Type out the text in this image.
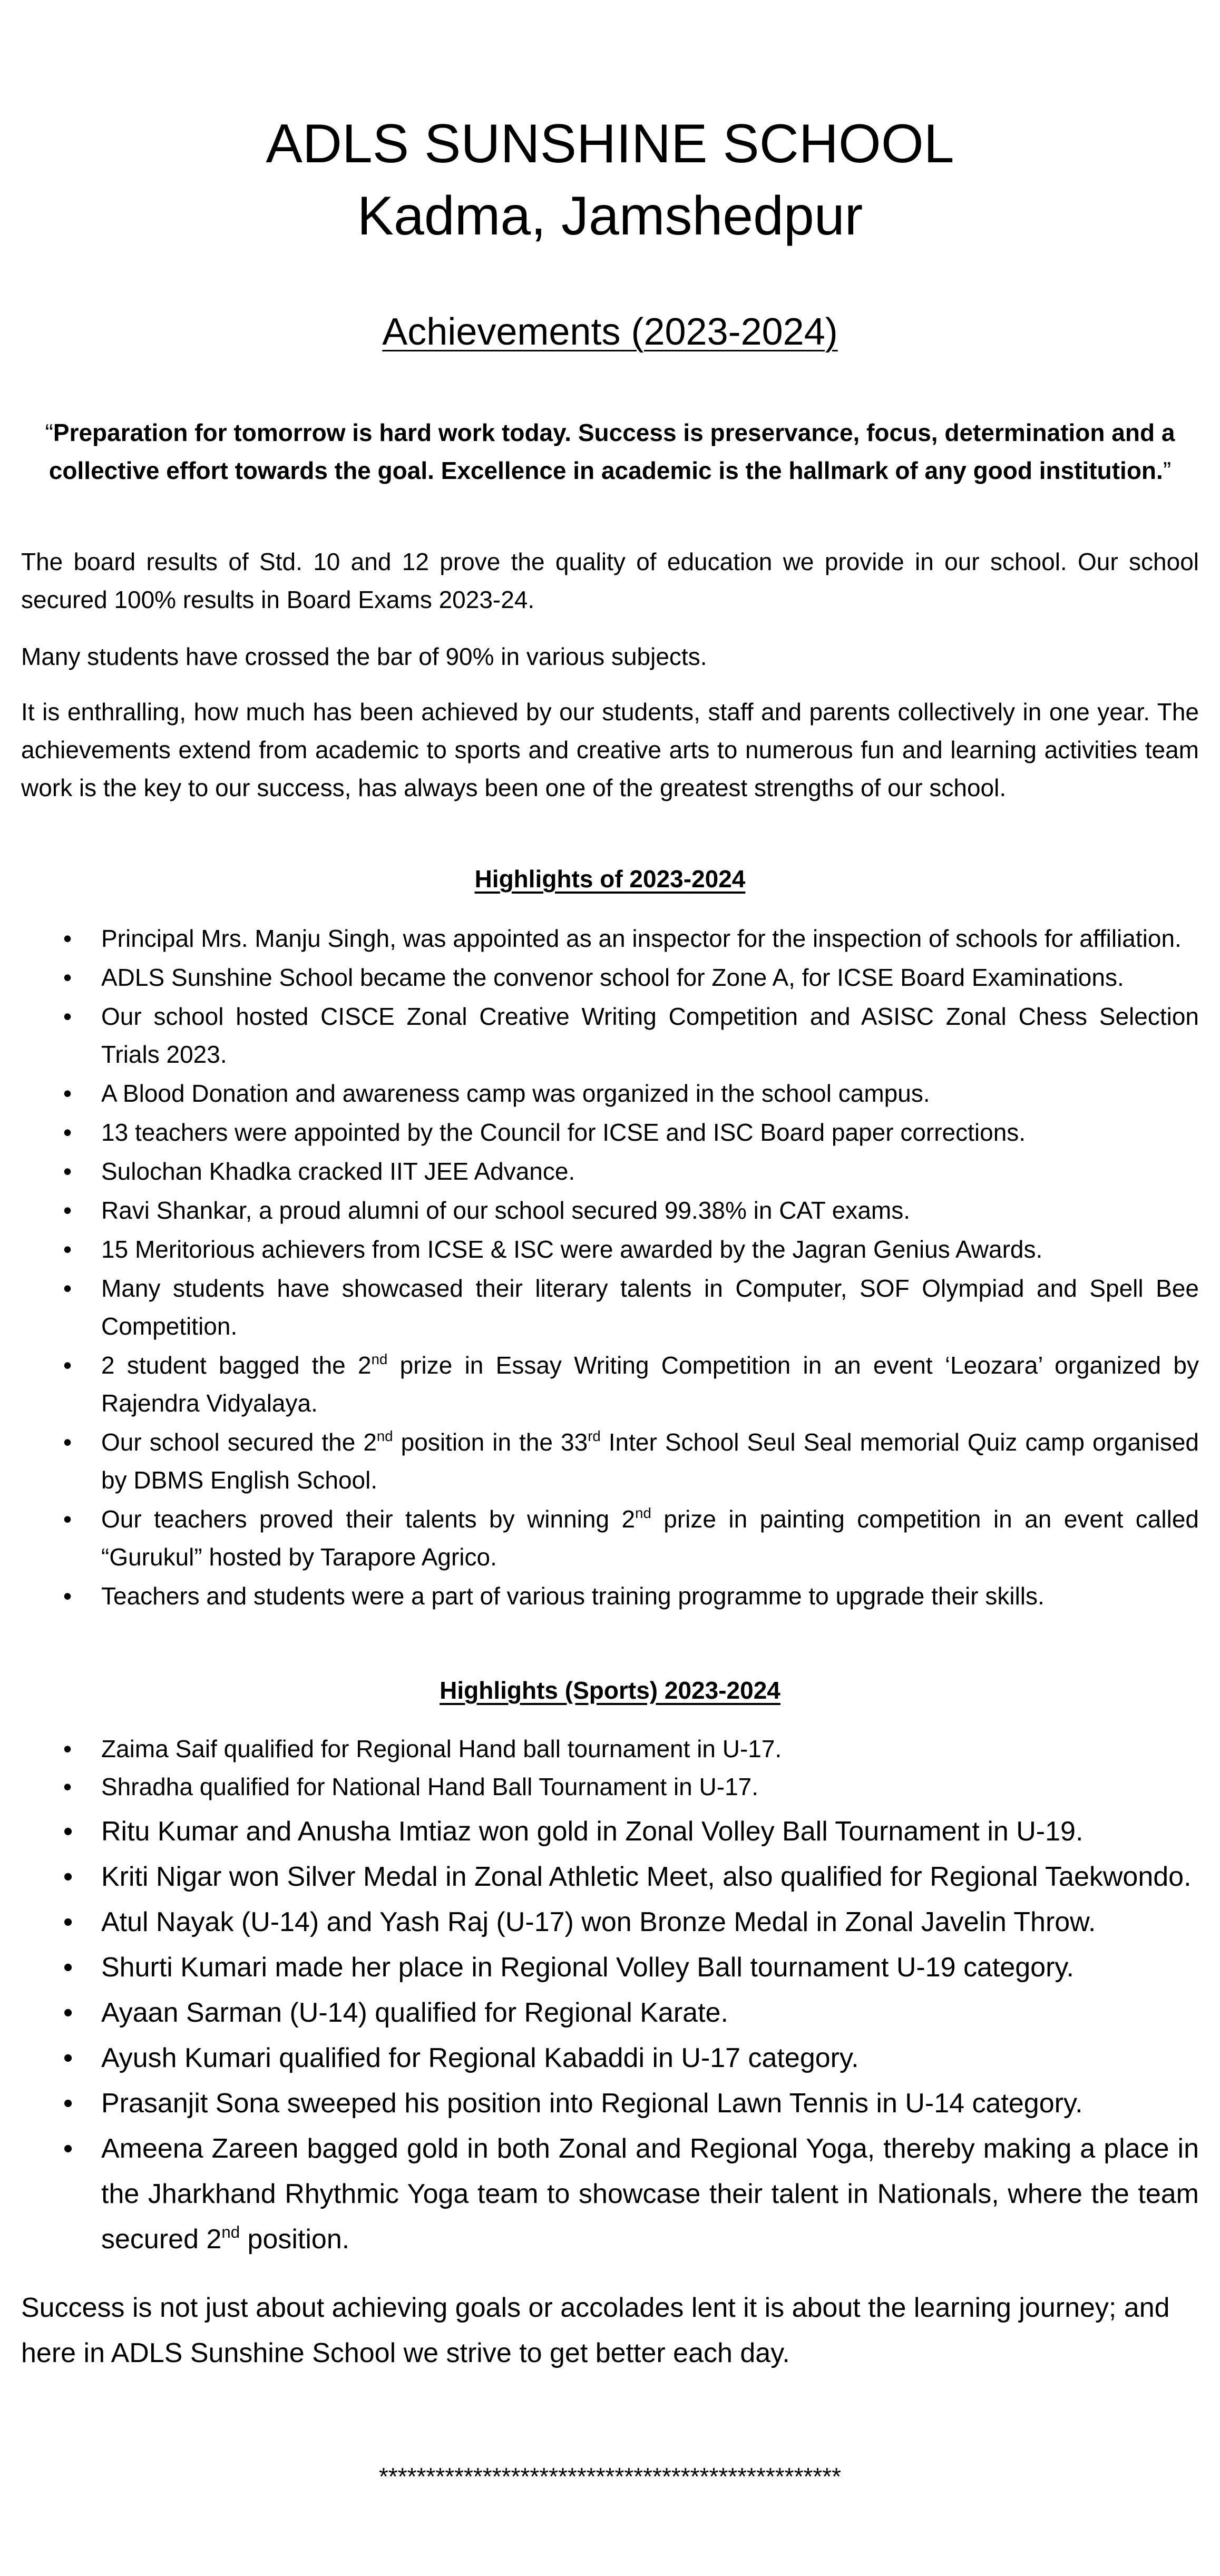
ADLS SUNSHINE SCHOOL
Kadma, Jamshedpur
Achievements (2023-2024)

“Preparation for tomorrow is hard work today. Success is preservance, focus, determination and a collective effort towards the goal. Excellence in academic is the hallmark of any good institution.”

The board results of Std. 10 and 12 prove the quality of education we provide in our school. Our school secured 100% results in Board Exams 2023-24.

Many students have crossed the bar of 90% in various subjects.

It is enthralling, how much has been achieved by our students, staff and parents collectively in one year. The achievements extend from academic to sports and creative arts to numerous fun and learning activities team work is the key to our success, has always been one of the greatest strengths of our school.

Highlights of 2023-2024
• Principal Mrs. Manju Singh, was appointed as an inspector for the inspection of schools for affiliation.
• ADLS Sunshine School became the convenor school for Zone A, for ICSE Board Examinations.
• Our school hosted CISCE Zonal Creative Writing Competition and ASISC Zonal Chess Selection Trials 2023.
• A Blood Donation and awareness camp was organized in the school campus.
• 13 teachers were appointed by the Council for ICSE and ISC Board paper corrections.
• Sulochan Khadka cracked IIT JEE Advance.
• Ravi Shankar, a proud alumni of our school secured 99.38% in CAT exams.
• 15 Meritorious achievers from ICSE & ISC were awarded by the Jagran Genius Awards.
• Many students have showcased their literary talents in Computer, SOF Olympiad and Spell Bee Competition.
• 2 student bagged the 2nd prize in Essay Writing Competition in an event ‘Leozara’ organized by Rajendra Vidyalaya.
• Our school secured the 2nd position in the 33rd Inter School Seul Seal memorial Quiz camp organised by DBMS English School.
• Our teachers proved their talents by winning 2nd prize in painting competition in an event called “Gurukul” hosted by Tarapore Agrico.
• Teachers and students were a part of various training programme to upgrade their skills.
Highlights (Sports) 2023-2024
• Zaima Saif qualified for Regional Hand ball tournament in U-17.
• Shradha qualified for National Hand Ball Tournament in U-17.
• Ritu Kumar and Anusha Imtiaz won gold in Zonal Volley Ball Tournament in U-19.
• Kriti Nigar won Silver Medal in Zonal Athletic Meet, also qualified for Regional Taekwondo.
• Atul Nayak (U-14) and Yash Raj (U-17) won Bronze Medal in Zonal Javelin Throw.
• Shurti Kumari made her place in Regional Volley Ball tournament U-19 category.
• Ayaan Sarman (U-14) qualified for Regional Karate.
• Ayush Kumari qualified for Regional Kabaddi in U-17 category.
• Prasanjit Sona sweeped his position into Regional Lawn Tennis in U-14 category.
• Ameena Zareen bagged gold in both Zonal and Regional Yoga, thereby making a place in the Jharkhand Rhythmic Yoga team to showcase their talent in Nationals, where the team secured 2nd position.

Success is not just about achieving goals or accolades lent it is about the learning journey; and here in ADLS Sunshine School we strive to get better each day.

*************************************************
